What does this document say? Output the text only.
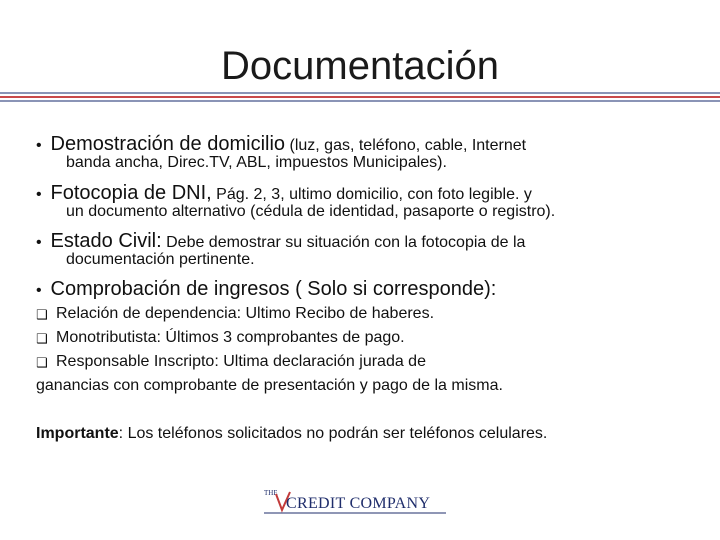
Documentación
• Demostración de domicilio (luz, gas, teléfono, cable, Internet
banda ancha, Direc.TV, ABL, impuestos Municipales).
• Fotocopia de DNI, Pág. 2, 3, ultimo domicilio, con foto legible. y
un documento alternativo (cédula de identidad, pasaporte o registro).
• Estado Civil: Debe demostrar su situación con la fotocopia de la
documentación pertinente.
• Comprobación de ingresos ( Solo si corresponde):
❑ Relación de dependencia: Ultimo Recibo de haberes.
❑ Monotributista: Últimos 3 comprobantes de pago.
❑ Responsable Inscripto: Ultima declaración jurada de
ganancias con comprobante de presentación y pago de la misma.
Importante: Los teléfonos solicitados no podrán ser teléfonos celulares.
THE
CREDIT COMPANY
